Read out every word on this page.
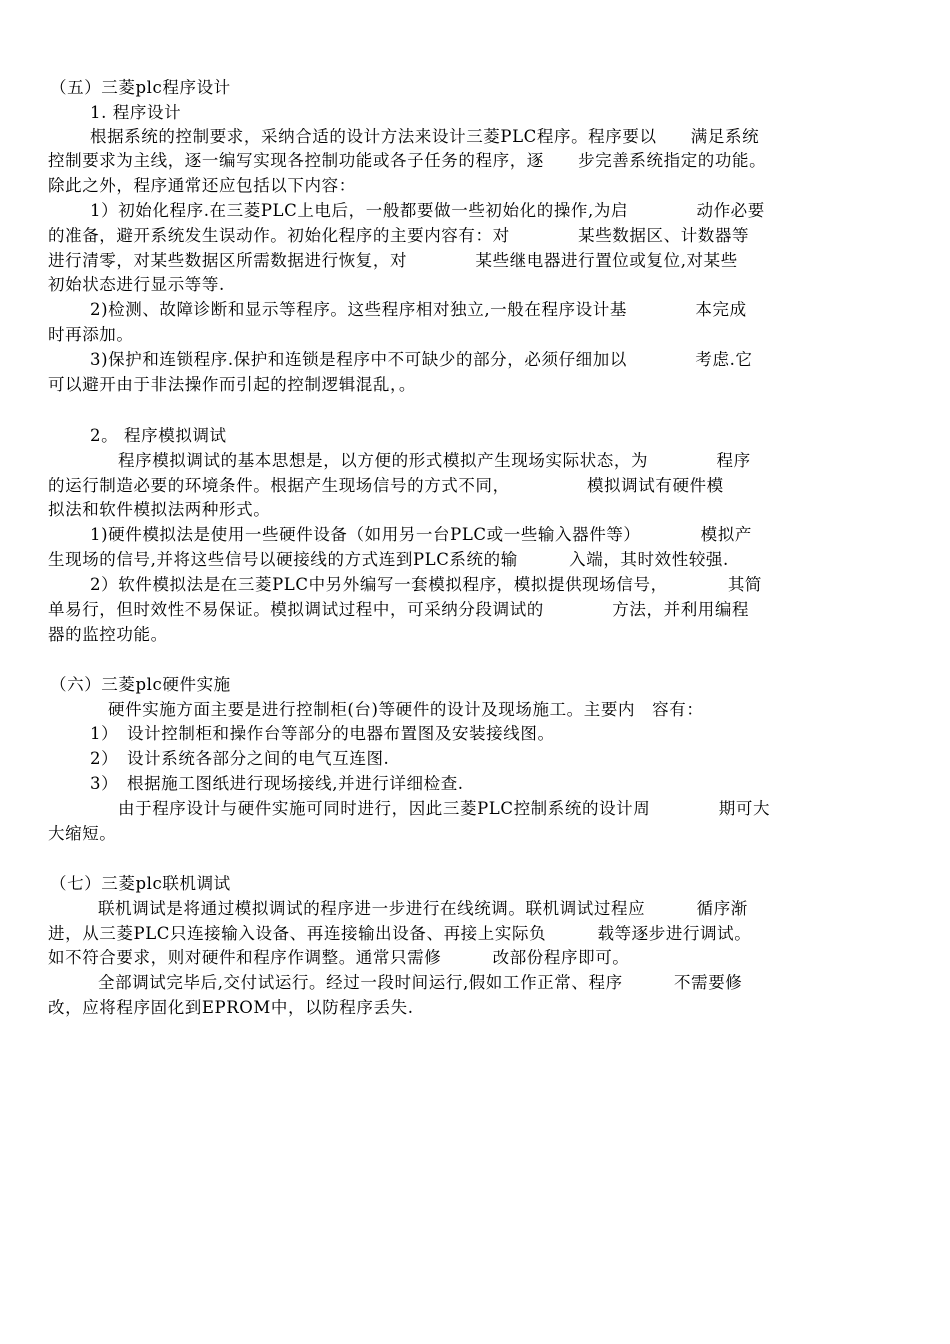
（五）三菱plc程序设计
1. 程序设计
根据系统的控制要求，采纳合适的设计方法来设计三菱PLC程序。程序要以　　满足系统
控制要求为主线，逐一编写实现各控制功能或各子任务的程序，逐　　步完善系统指定的功能。
除此之外，程序通常还应包括以下内容：
1）初始化程序.在三菱PLC上电后，一般都要做一些初始化的操作,为启　　　　动作必要
的准备，避开系统发生误动作。初始化程序的主要内容有：对　　　　某些数据区、计数器等
进行清零，对某些数据区所需数据进行恢复，对　　　　某些继电器进行置位或复位,对某些
初始状态进行显示等等.
2)检测、故障诊断和显示等程序。这些程序相对独立,一般在程序设计基　　　　本完成
时再添加。
3)保护和连锁程序.保护和连锁是程序中不可缺少的部分，必须仔细加以　　　　考虑.它
可以避开由于非法操作而引起的控制逻辑混乱，。
2。 程序模拟调试
程序模拟调试的基本思想是，以方便的形式模拟产生现场实际状态，为　　　　程序
的运行制造必要的环境条件。根据产生现场信号的方式不同，　　　　　模拟调试有硬件模
拟法和软件模拟法两种形式。
1)硬件模拟法是使用一些硬件设备（如用另一台PLC或一些输入器件等）　　　　模拟产
生现场的信号,并将这些信号以硬接线的方式连到PLC系统的输　　　入端，其时效性较强.
2）软件模拟法是在三菱PLC中另外编写一套模拟程序，模拟提供现场信号，　　　　其简
单易行，但时效性不易保证。模拟调试过程中，可采纳分段调试的　　　　方法，并利用编程
器的监控功能。
（六）三菱plc硬件实施
硬件实施方面主要是进行控制柜(台)等硬件的设计及现场施工。主要内　容有：
1）　设计控制柜和操作台等部分的电器布置图及安装接线图。
2）　设计系统各部分之间的电气互连图.
3）　根据施工图纸进行现场接线,并进行详细检查.
由于程序设计与硬件实施可同时进行，因此三菱PLC控制系统的设计周　　　　期可大
大缩短。
（七）三菱plc联机调试
联机调试是将通过模拟调试的程序进一步进行在线统调。联机调试过程应　　　循序渐
进，从三菱PLC只连接输入设备、再连接输出设备、再接上实际负　　　载等逐步进行调试。
如不符合要求，则对硬件和程序作调整。通常只需修　　　改部份程序即可。
全部调试完毕后,交付试运行。经过一段时间运行,假如工作正常、程序　　　不需要修
改，应将程序固化到EPROM中，以防程序丢失.
